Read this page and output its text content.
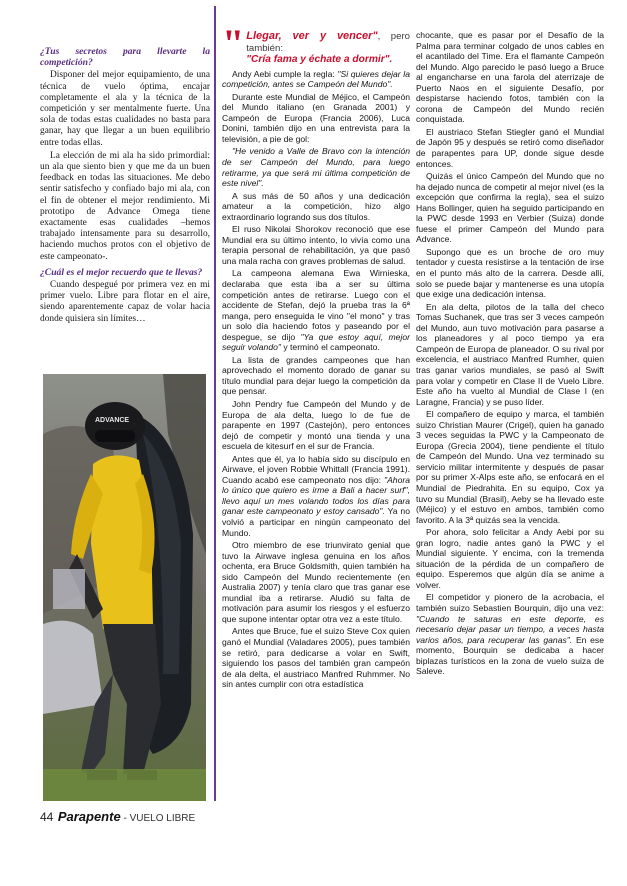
¿Tus secretos para llevarte la competición?

Disponer del mejor equipamiento, de una técnica de vuelo óptima, encajar completamente el ala y la técnica de la competición y ser mentalmente fuerte. Una sola de todas estas cualidades no basta para ganar, hay que llegar a un buen equilibrio entre todas ellas.

La elección de mi ala ha sido primordial: un ala que siento bien y que me da un buen feedback en todas las situaciones. Me debo sentir satisfecho y confiado bajo mi ala, con el fin de obtener el mejor rendimiento. Mi prototipo de Advance Omega tiene exactamente esas cualidades –hemos trabajado intensamente para su desarrollo, haciendo muchos protos con el objetivo de este campeonato-.

¿Cuál es el mejor recuerdo que te llevas?

Cuando despegué por primera vez en mi primer vuelo. Libre para flotar en el aire, siendo aparentemente capaz de volar hacia donde quisiera sin límites…

ADVANCE
" Llegar, ver y vencer", pero también:
"Cría fama y échate a dormir".

Andy Aebi cumple la regla: "Si quieres dejar la competición, antes se Campeón del Mundo".

Durante este Mundial de Méjico, el Campeón del Mundo italiano (en Granada 2001) y Campeón de Europa (Francia 2006), Luca Donini, también dijo en una entrevista para la televisión, a pie de gol:

"He venido a Valle de Bravo con la intención de ser Campeón del Mundo, para luego retirarme, ya que será mi última competición de este nivel".

A sus más de 50 años y una dedicación amateur a la competición, hizo algo extraordinario logrando sus dos títulos.

El ruso Nikolai Shorokov reconoció que ese Mundial era su último intento, lo vivía como una terapia personal de rehabilitación, ya que pasó una mala racha con graves problemas de salud.

La campeona alemana Ewa Wirnieska, declaraba que esta iba a ser su última competición antes de retirarse. Luego con el accidente de Stefan, dejó la prueba tras la 6ª manga, pero enseguida le vino "el mono" y tras un solo día haciendo fotos y paseando por el despegue, se dijo "Ya que estoy aquí, mejor seguir volando" y terminó el campeonato.

La lista de grandes campeones que han aprovechado el momento dorado de ganar su título mundial para dejar luego la competición da que pensar.

John Pendry fue Campeón del Mundo y de Europa de ala delta, luego lo de fue de parapente en 1997 (Castejón), pero entonces dejó de competir y montó una tienda y una escuela de kitesurf en el sur de Francia.

Antes que él, ya lo había sido su discípulo en Airwave, el joven Robbie Whittall (Francia 1991). Cuando acabó ese campeonato nos dijo: "Ahora lo único que quiero es irme a Bali a hacer surf", llevo aquí un mes volando todos los días para ganar este campeonato y estoy cansado". Ya no volvió a participar en ningún campeonato del Mundo.

Otro miembro de ese triunvirato genial que tuvo la Airwave inglesa genuina en los años ochenta, era Bruce Goldsmith, quien también ha sido Campeón del Mundo recientemente (en Australia 2007) y tenía claro que tras ganar ese mundial iba a retirarse. Aludió su falta de motivación para asumir los riesgos y el esfuerzo que supone intentar optar otra vez a este título.

Antes que Bruce, fue el suizo Steve Cox quien ganó el Mundial (Valadares 2005), pues también se retiró, para dedicarse a volar en Swift, siguiendo los pasos del también gran campeón de ala delta, el austriaco Manfred Ruhmmer. No sin antes cumplir con otra estadística

chocante, que es pasar por el Desafío de la Palma para terminar colgado de unos cables en el acantilado del Time. Era el flamante Campeón del Mundo. Algo parecido le pasó luego a Bruce al engancharse en una farola del aterrizaje de Puerto Naos en el siguiente Desafío, por despistarse haciendo fotos, también con la corona de Campeón del Mundo recién conquistada.

El austriaco Stefan Stiegler ganó el Mundial de Japón 95 y después se retiró como diseñador de parapentes para UP, donde sigue desde entonces.

Quizás el único Campeón del Mundo que no ha dejado nunca de competir al mejor nivel (es la excepción que confirma la regla), sea el suizo Hans Bollinger, quien ha seguido participando en la PWC desde 1993 en Verbier (Suiza) donde fuese el primer Campeón del Mundo para Advance.

Supongo que es un broche de oro muy tentador y cuesta resistirse a la tentación de irse en el punto más alto de la carrera. Desde allí, solo se puede bajar y mantenerse es una utopía que exige una dedicación intensa.

En ala delta, pilotos de la talla del checo Tomas Suchanek, que tras ser 3 veces campeón del Mundo, aun tuvo motivación para pasarse a los planeadores y al poco tiempo ya era Campeón de Europa de planeador. O su rival por excelencia, el austriaco Manfred Rumher, quien tras ganar varios mundiales, se pasó al Swift para volar y competir en Clase II de Vuelo Libre. Este año ha vuelto al Mundial de Clase I (en Laragne, Francia) y se puso líder.

El compañero de equipo y marca, el también suizo Christian Maurer (Crigel), quien ha ganado 3 veces seguidas la PWC y la Campeonato de Europa (Grecia 2004), tiene pendiente el título de Campeón del Mundo. Una vez terminado su servicio militar intermitente y después de pasar por su primer X-Alps este año, se enfocará en el Mundial de Piedrahita. En su equipo, Cox ya tuvo su Mundial (Brasil), Aeby se ha llevado este (Méjico) y el estuvo en ambos, también como favorito. A la 3ª quizás sea la vencida.

Por ahora, solo felicitar a Andy Aebi por su gran logro, nadie antes ganó la PWC y el Mundial siguiente. Y encima, con la tremenda situación de la pérdida de un compañero de equipo. Esperemos que algún día se anime a volver.

El competidor y pionero de la acrobacia, el también suizo Sebastien Bourquin, dijo una vez: "Cuando te saturas en este deporte, es necesario dejar pasar un tiempo, a veces hasta varios años, para recuperar las ganas". En ese momento, Bourquin se dedicaba a hacer biplazas turísticos en la zona de vuelo suiza de Saleve.

44 Parapente - VUELO LIBRE
